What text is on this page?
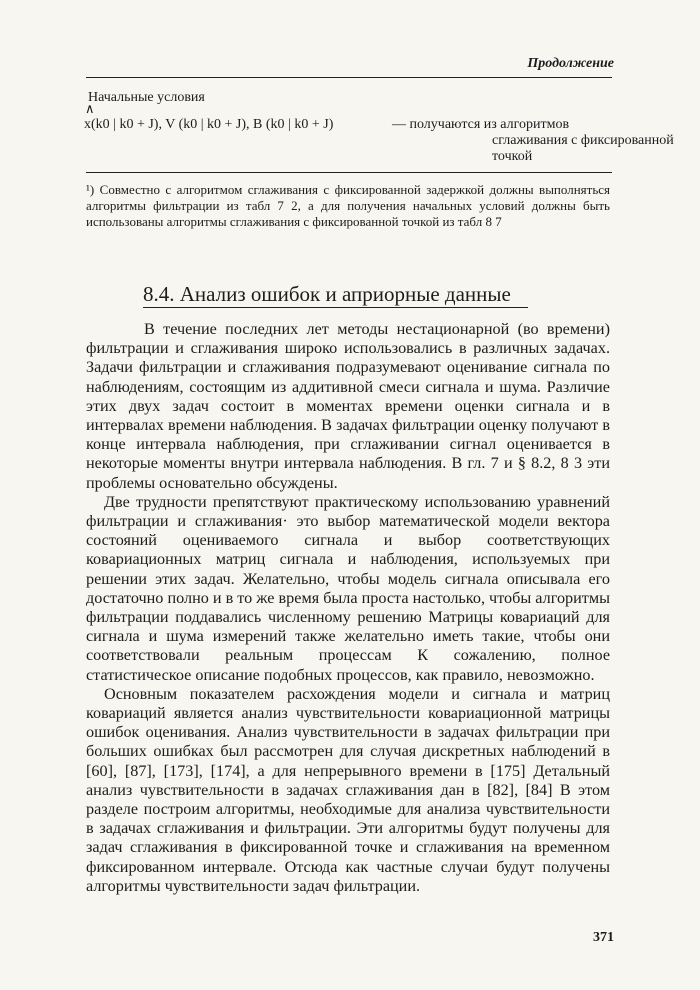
Продолжение
Начальные условия
∧
x(k0 | k0 + J), V (k0 | k0 + J), B (k0 | k0 + J)	— получаются из алгоритмов
сглаживания с фиксированной
точкой

¹) Совместно с алгоритмом сглаживания с фиксированной задержкой должны выполняться алгоритмы фильтрации из табл 7 2, а для получения начальных условий должны быть использованы алгоритмы сглаживания с фиксированной точкой из табл 8 7

8.4. Анализ ошибок и априорные данные

В течение последних лет методы нестационарной (во времени) фильтрации и сглаживания широко использовались в различных задачах. Задачи фильтрации и сглаживания подразумевают оценивание сигнала по наблюдениям, состоящим из аддитивной смеси сигнала и шума. Различие этих двух задач состоит в моментах времени оценки сигнала и в интервалах времени наблюдения. В задачах фильтрации оценку получают в конце интервала наблюдения, при сглаживании сигнал оценивается в некоторые моменты внутри интервала наблюдения. В гл. 7 и § 8.2, 8 3 эти проблемы основательно обсуждены.

Две трудности препятствуют практическому использованию уравнений фильтрации и сглаживания· это выбор математической модели вектора состояний оцениваемого сигнала и выбор соответствующих ковариационных матриц сигнала и наблюдения, используемых при решении этих задач. Желательно, чтобы модель сигнала описывала его достаточно полно и в то же время была проста настолько, чтобы алгоритмы фильтрации поддавались численному решению Матрицы ковариаций для сигнала и шума измерений также желательно иметь такие, чтобы они соответствовали реальным процессам К сожалению, полное статистическое описание подобных процессов, как правило, невозможно.

Основным показателем расхождения модели и сигнала и матриц ковариаций является анализ чувствительности ковариационной матрицы ошибок оценивания. Анализ чувствительности в задачах фильтрации при больших ошибках был рассмотрен для случая дискретных наблюдений в [60], [87], [173], [174], а для непрерывного времени в [175] Детальный анализ чувствительности в задачах сглаживания дан в [82], [84] В этом разделе построим алгоритмы, необходимые для анализа чувствительности в задачах сглаживания и фильтрации. Эти алгоритмы будут получены для задач сглаживания в фиксированной точке и сглаживания на временном фиксированном интервале. Отсюда как частные случаи будут получены алгоритмы чувствительности задач фильтрации.

371
